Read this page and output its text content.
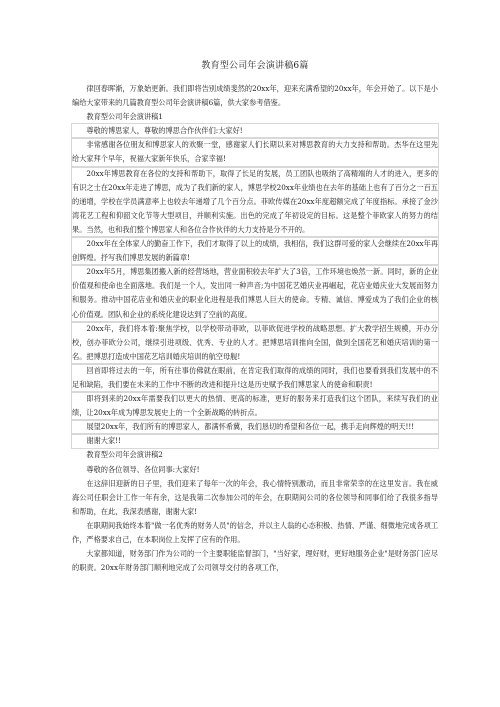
教育型公司年会演讲稿6篇

律回春晖渐，万象始更新。我们即将告别成绩斐然的20xx年，迎来充满希望的20xx年，年会开始了。以下是小编给大家带来的几篇教育型公司年会演讲稿6篇，供大家参考借鉴。

教育型公司年会演讲稿1

尊敬的博思家人，尊敬的博思合作伙伴们:大家好!

非常感谢各位朋友和博思家人的欢聚一堂，感谢家人们长期以来对博思教育的大力支持和帮助。杰华在这里先给大家拜个早年，祝福大家新年快乐，合家幸福!

20xx年博思教育在各位的支持和帮助下，取得了长足的发展，员工团队也吸纳了高精端的人才的进入，更多的有识之士在20xx年走进了博思，成为了我们新的家人，博思学校20xx年业绩也在去年的基础上也有了百分之一百五的递增，学校在学员满意率上也较去年递增了几个百分点。菲欧传媒在20xx年度超额完成了年度指标。承接了金沙湾花艺工程和仰韶文化节等大型项目，并顺利实施。出色的完成了年初设定的目标。这是整个菲欧家人的努力的结果。当然，也和我们整个博思家人和各位合作伙伴的大力支持是分不开的。

20xx年在全体家人的勤奋工作下，我们才取得了以上的成绩，我相信，我们这群可爱的家人会继续在20xx年再创辉煌。抒写我们博思发展的新篇章!

20xx年5月，博思集团搬入新的经营场地，营业面积较去年扩大了3倍，工作环境也焕然一新。同时，新的企业价值观和使命也全面落地。我们是一个人，发出同一种声音;为中国花艺婚庆业再崛起，花店业婚庆业大发展而努力和服务。推动中国花店业和婚庆业的职业化进程是我们博思人巨大的使命。专精、诚信、博爱成为了我们企业的核心价值观。团队和企业的系统化建设达到了空前的高度。

20xx年，我们将本着:聚焦学校，以学校带动菲欧，以菲欧促进学校的战略思想。扩大教学招生规模，开办分校，创办菲欧分公司，继续引进项级、优秀、专业的人才。把博思培训推向全国，做到全国花艺和婚庆培训的第一名。把博思打造成中国花艺培训婚庆培训的航空母舰!

回首即将过去的一年，所有往事仿佛就在眼前，在肯定我们取得的成绩的同时，我们也要看到我们发展中的不足和缺陷，我们要在未来的工作中不断的改进和提升!这是历史赋予我们博思家人的使命和职责!

即将到来的20xx年需要我们以更大的热情、更高的标准，更好的服务来打造我们这个团队，来续写我们的业绩，让20xx年成为博思发展史上的一个全新战略的转折点。

展望20xx年，我们所有的博思家人，都满怀希冀，我们恳切的希望和各位一起，携手走向辉煌的明天!!!

谢谢大家!!

教育型公司年会演讲稿2

尊敬的各位领导、各位同事:大家好!

在这辞旧迎新的日子里，我们迎来了每年一次的年会，我心情特别激动，而且非常荣幸的在这里发言。我在威海公司任职会计工作一年有余，这是我第二次参加公司的年会，在职期间公司的各位领导和同事们给了我很多指导和帮助，在此，我深表感谢，谢谢大家!

在职期间我始终本着"做一名优秀的财务人员"的信念，并以主人翁的心态积极、热情、严谨、细微地完成各项工作，严格要求自己，在本职岗位上发挥了应有的作用。

大家都知道，财务部门作为公司的一个主要职能监督部门，"当好家，理好财，更好地服务企业"是财务部门应尽的职责。20xx年财务部门顺利地完成了公司领导交付的各项工作，
